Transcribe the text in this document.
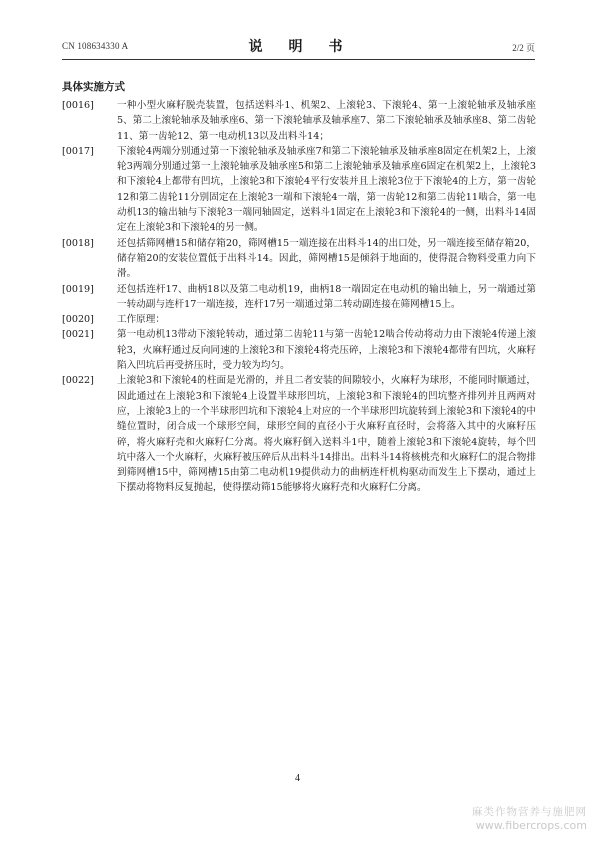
CN 108634330 A	说　明　书	2/2 页
具体实施方式
[0016]	一种小型火麻籽脱壳装置，包括送料斗1、机架2、上滚轮3、下滚轮4、第一上滚轮轴承及轴承座5、第二上滚轮轴承及轴承座6、第一下滚轮轴承及轴承座7、第二下滚轮轴承及轴承座8、第二齿轮11、第一齿轮12、第一电动机13以及出料斗14；
[0017]	下滚轮4两端分别通过第一下滚轮轴承及轴承座7和第二下滚轮轴承及轴承座8固定在机架2上，上滚轮3两端分别通过第一上滚轮轴承及轴承座5和第二上滚轮轴承及轴承座6固定在机架2上，上滚轮3和下滚轮4上都带有凹坑，上滚轮3和下滚轮4平行安装并且上滚轮3位于下滚轮4的上方，第一齿轮12和第二齿轮11分别固定在上滚轮3一端和下滚轮4一端，第一齿轮12和第二齿轮11啮合，第一电动机13的输出轴与下滚轮3一端同轴固定，送料斗1固定在上滚轮3和下滚轮4的一侧，出料斗14固定在上滚轮3和下滚轮4的另一侧。
[0018]	还包括筛网槽15和储存箱20，筛网槽15一端连接在出料斗14的出口处，另一端连接至储存箱20，储存箱20的安装位置低于出料斗14。因此，筛网槽15是倾斜于地面的，使得混合物料受重力向下滑。
[0019]	还包括连杆17、曲柄18以及第二电动机19，曲柄18一端固定在电动机的输出轴上，另一端通过第一转动副与连杆17一端连接，连杆17另一端通过第二转动副连接在筛网槽15上。
[0020]	工作原理：
[0021]	第一电动机13带动下滚轮转动，通过第二齿轮11与第一齿轮12啮合传动将动力由下滚轮4传递上滚轮3，火麻籽通过反向同速的上滚轮3和下滚轮4将壳压碎，上滚轮3和下滚轮4都带有凹坑，火麻籽陷入凹坑后再受挤压时，受力较为均匀。
[0022]	上滚轮3和下滚轮4的柱面是光滑的，并且二者安装的间隙较小，火麻籽为球形，不能同时顺通过，因此通过在上滚轮3和下滚轮4上设置半球形凹坑，上滚轮3和下滚轮4的凹坑整齐排列并且两两对应，上滚轮3上的一个半球形凹坑和下滚轮4上对应的一个半球形凹坑旋转到上滚轮3和下滚轮4的中缝位置时，闭合成一个球形空间，球形空间的直径小于火麻籽直径时，会将落入其中的火麻籽压碎，将火麻籽壳和火麻籽仁分离。将火麻籽倒入送料斗1中，随着上滚轮3和下滚轮4旋转，每个凹坑中落入一个火麻籽，火麻籽被压碎后从出料斗14排出。出料斗14将核桃壳和火麻籽仁的混合物排到筛网槽15中，筛网槽15由第二电动机19提供动力的曲柄连杆机构驱动而发生上下摆动，通过上下摆动将物料反复抛起，使得摆动筛15能够将火麻籽壳和火麻籽仁分离。
4
麻类作物营养与施肥网
www.fibercrops.com
